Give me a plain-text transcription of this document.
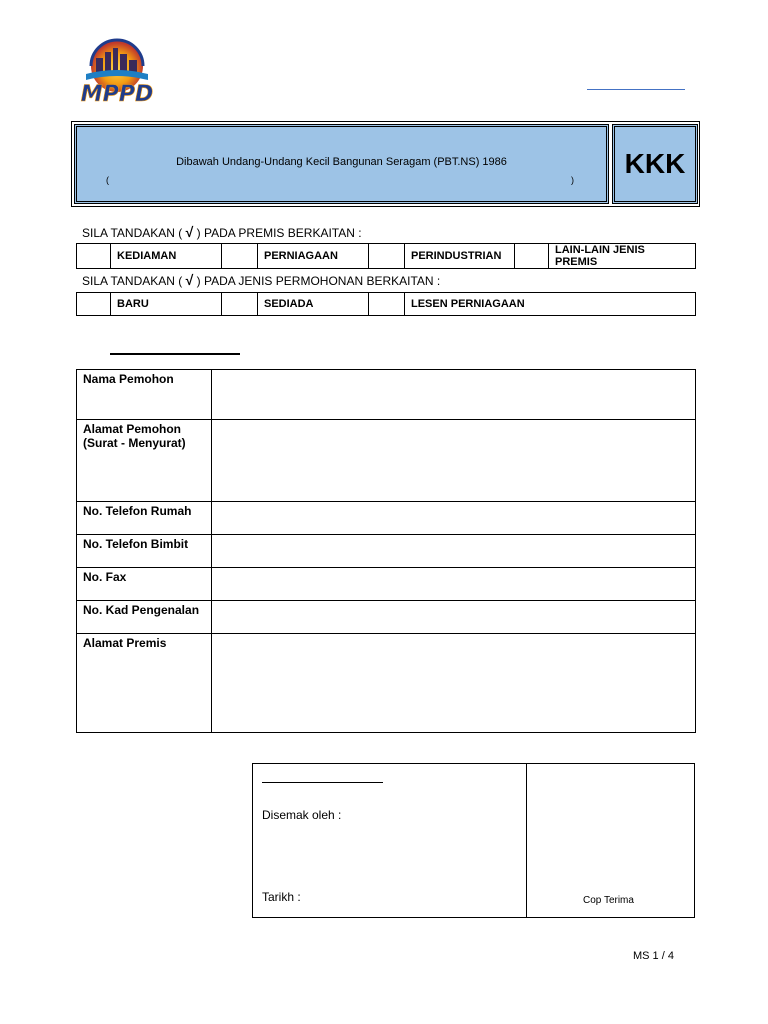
MPPD
Dibawah Undang-Undang Kecil Bangunan Seragam (PBT.NS) 1986
(	)
KKK
SILA TANDAKAN ( √ ) PADA PREMIS BERKAITAN :
	KEDIAMAN		PERNIAGAAN		PERINDUSTRIAN		LAIN-LAIN JENIS PREMIS
SILA TANDAKAN ( √ ) PADA JENIS PERMOHONAN BERKAITAN :
	BARU		SEDIADA		LESEN PERNIAGAAN
Nama Pemohon	

Alamat Pemohon
(Surat - Menyurat)	

No. Telefon Rumah	
No. Telefon Bimbit	
No. Fax	
No. Kad Pengenalan	
Alamat Premis	
Disemak oleh :
Tarikh :	Cop Terima
MS 1 / 4
